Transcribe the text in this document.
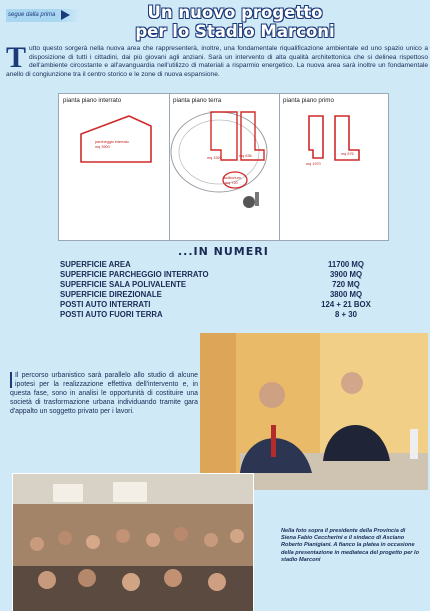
segue dalla prima	Un nuovo progetto
per lo Stadio Marconi
T utto questo sorgerà nella nuova area che rappresenterà, inoltre, una fondamentale riqualificazione ambientale ed uno spazio unico a disposizione di tutti i cittadini, dai più giovani agli anziani. Sarà un intervento di alta qualità architettonica che si delinea rispettoso dell'ambiente circostante e all'avanguardia nell'utilizzo di materiali a risparmio energetico. La nuova area sarà inoltre un fondamentale anello di congiunzione tra il centro storico e le zone di nuova espansione.
pianta piano interrato	pianta piano terra	pianta piano primo
parcheggio interrato
mq 3900
mq 1920	mq 636
auditorium
mq 720
mq 1970
mq 676
...IN NUMERI
SUPERFICIE AREA	11700 MQ
SUPERFICIE PARCHEGGIO INTERRATO	3900 MQ
SUPERFICIE SALA POLIVALENTE	720 MQ
SUPERFICIE DIREZIONALE	3800 MQ
POSTI AUTO INTERRATI	124 + 21 BOX
POSTI AUTO FUORI TERRA	8 + 30
Il percorso urbanistico sarà parallelo allo studio di alcune ipotesi per la realizzazione effettiva dell'intervento e, in questa fase, sono in analisi le opportunità di costituire una società di trasformazione urbana individuando tramite gara d'appalto un soggetto privato per i lavori.
Nella foto sopra il presidente della Provincia di Siena Fabio Ceccherini e il sindaco di Asciano Roberto Pianigiani. A fianco la platea in occasione della presentazione in mediateca del progetto per lo stadio Marconi
